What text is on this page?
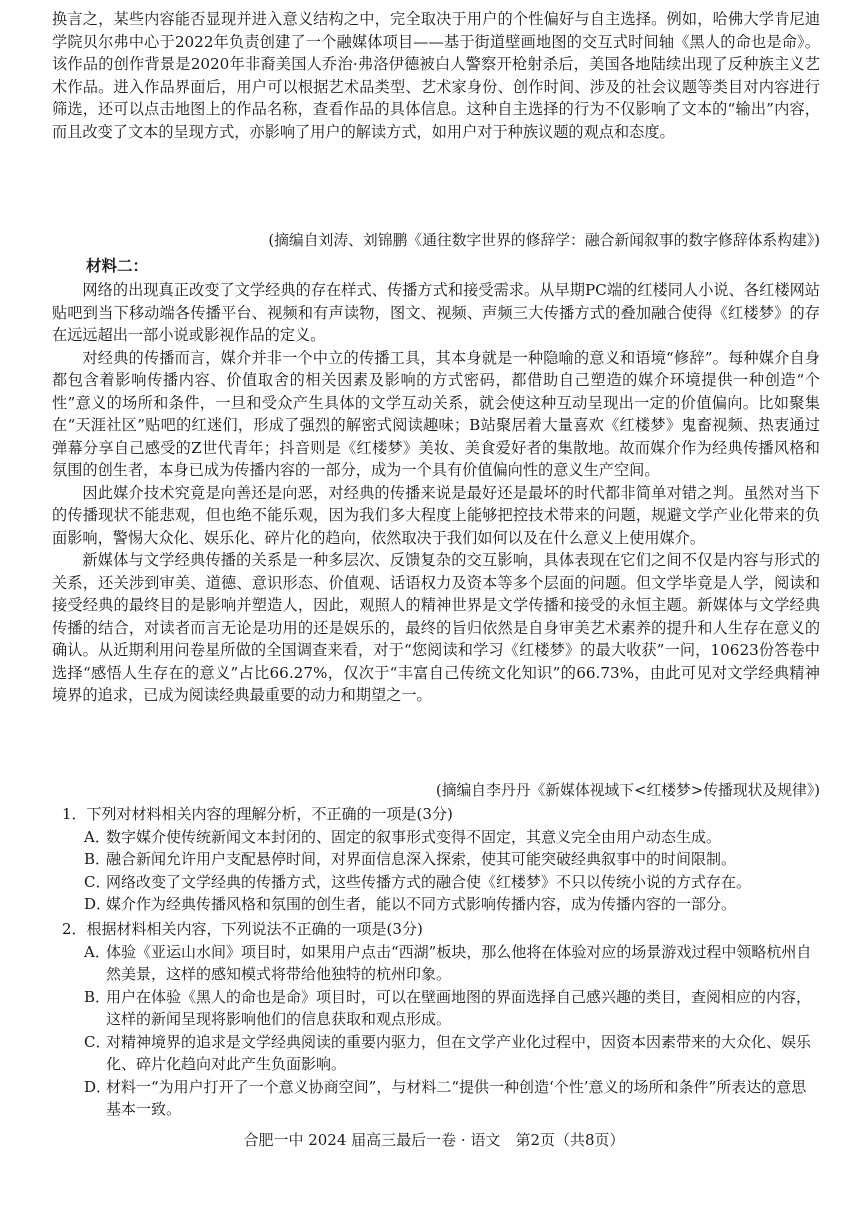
换言之，某些内容能否显现并进入意义结构之中，完全取决于用户的个性偏好与自主选择。例如，哈佛大学肯尼迪学院贝尔弗中心于2022年负责创建了一个融媒体项目——基于街道壁画地图的交互式时间轴《黑人的命也是命》。该作品的创作背景是2020年非裔美国人乔治·弗洛伊德被白人警察开枪射杀后，美国各地陆续出现了反种族主义艺术作品。进入作品界面后，用户可以根据艺术品类型、艺术家身份、创作时间、涉及的社会议题等类目对内容进行筛选，还可以点击地图上的作品名称，查看作品的具体信息。这种自主选择的行为不仅影响了文本的“输出”内容，而且改变了文本的呈现方式，亦影响了用户的解读方式，如用户对于种族议题的观点和态度。

(摘编自刘涛、刘锦鹏《通往数字世界的修辞学：融合新闻叙事的数字修辞体系构建》)
材料二：

网络的出现真正改变了文学经典的存在样式、传播方式和接受需求。从早期PC端的红楼同人小说、各红楼网站贴吧到当下移动端各传播平台、视频和有声读物，图文、视频、声频三大传播方式的叠加融合使得《红楼梦》的存在远远超出一部小说或影视作品的定义。

对经典的传播而言，媒介并非一个中立的传播工具，其本身就是一种隐喻的意义和语境“修辞”。每种媒介自身都包含着影响传播内容、价值取舍的相关因素及影响的方式密码，都借助自己塑造的媒介环境提供一种创造“个性”意义的场所和条件，一旦和受众产生具体的文学互动关系，就会使这种互动呈现出一定的价值偏向。比如聚集在“天涯社区”贴吧的红迷们，形成了强烈的解密式阅读趣味；B站聚居着大量喜欢《红楼梦》鬼畜视频、热衷通过弹幕分享自己感受的Z世代青年；抖音则是《红楼梦》美妆、美食爱好者的集散地。故而媒介作为经典传播风格和氛围的创生者，本身已成为传播内容的一部分，成为一个具有价值偏向性的意义生产空间。

因此媒介技术究竟是向善还是向恶，对经典的传播来说是最好还是最坏的时代都非简单对错之判。虽然对当下的传播现状不能悲观，但也绝不能乐观，因为我们多大程度上能够把控技术带来的问题，规避文学产业化带来的负面影响，警惕大众化、娱乐化、碎片化的趋向，依然取决于我们如何以及在什么意义上使用媒介。

新媒体与文学经典传播的关系是一种多层次、反馈复杂的交互影响，具体表现在它们之间不仅是内容与形式的关系，还关涉到审美、道德、意识形态、价值观、话语权力及资本等多个层面的问题。但文学毕竟是人学，阅读和接受经典的最终目的是影响并塑造人，因此，观照人的精神世界是文学传播和接受的永恒主题。新媒体与文学经典传播的结合，对读者而言无论是功用的还是娱乐的，最终的旨归依然是自身审美艺术素养的提升和人生存在意义的确认。从近期利用问卷星所做的全国调查来看，对于“您阅读和学习《红楼梦》的最大收获”一问，10623份答卷中选择“感悟人生存在的意义”占比66.27%，仅次于“丰富自己传统文化知识”的66.73%，由此可见对文学经典精神境界的追求，已成为阅读经典最重要的动力和期望之一。

(摘编自李丹丹《新媒体视域下<红楼梦>传播现状及规律》)

1．下列对材料相关内容的理解分析，不正确的一项是(3分)

A．数字媒介使传统新闻文本封闭的、固定的叙事形式变得不固定，其意义完全由用户动态生成。

B．融合新闻允许用户支配悬停时间，对界面信息深入探索，使其可能突破经典叙事中的时间限制。

C．网络改变了文学经典的传播方式，这些传播方式的融合使《红楼梦》不只以传统小说的方式存在。

D．媒介作为经典传播风格和氛围的创生者，能以不同方式影响传播内容，成为传播内容的一部分。

2．根据材料相关内容，下列说法不正确的一项是(3分)

A．体验《亚运山水间》项目时，如果用户点击“西湖”板块，那么他将在体验对应的场景游戏过程中领略杭州自然美景，这样的感知模式将带给他独特的杭州印象。

B．用户在体验《黑人的命也是命》项目时，可以在壁画地图的界面选择自己感兴趣的类目，查阅相应的内容，这样的新闻呈现将影响他们的信息获取和观点形成。

C．对精神境界的追求是文学经典阅读的重要内驱力，但在文学产业化过程中，因资本因素带来的大众化、娱乐化、碎片化趋向对此产生负面影响。

D．材料一“为用户打开了一个意义协商空间”，与材料二“提供一种创造‘个性’意义的场所和条件”所表达的意思基本一致。

合肥一中 2024 届高三最后一卷 · 语文　第2页（共8页）
